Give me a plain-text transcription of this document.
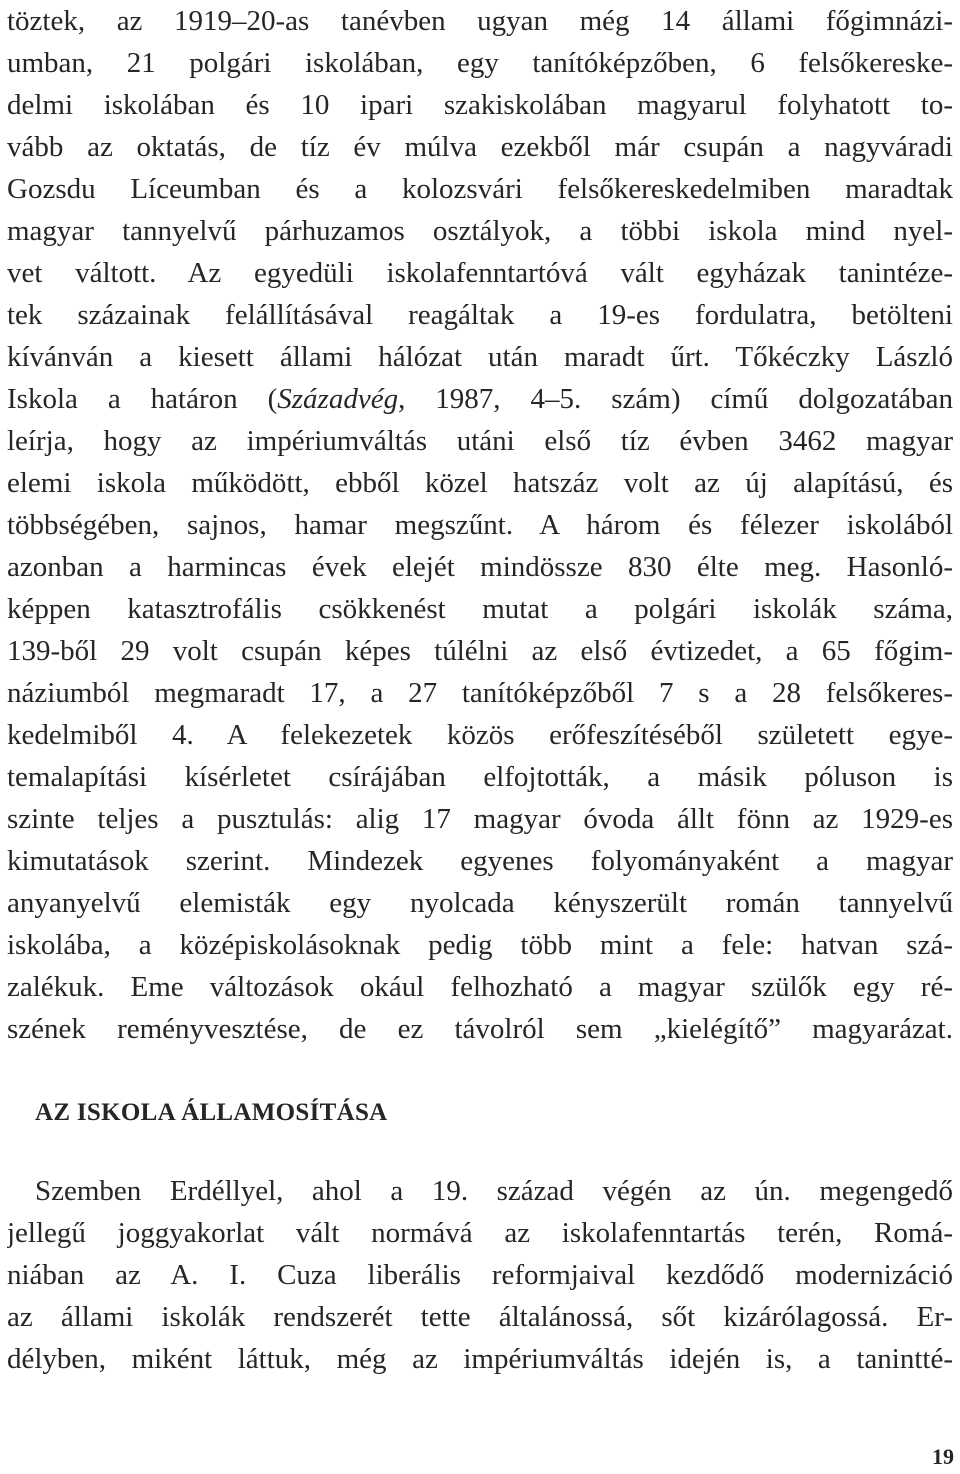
töztek, az 1919–20-as tanévben ugyan még 14 állami főgimnázi-
umban, 21 polgári iskolában, egy tanítóképzőben, 6 felsőkereske-
delmi iskolában és 10 ipari szakiskolában magyarul folyhatott to-
vább az oktatás, de tíz év múlva ezekből már csupán a nagyváradi
Gozsdu Líceumban és a kolozsvári felsőkereskedelmiben maradtak
magyar tannyelvű párhuzamos osztályok, a többi iskola mind nyel-
vet váltott. Az egyedüli iskolafenntartóvá vált egyházak tanintéze-
tek százainak felállításával reagáltak a 19-es fordulatra, betölteni
kívánván a kiesett állami hálózat után maradt űrt. Tőkéczky László
Iskola a határon (Századvég, 1987, 4–5. szám) című dolgozatában
leírja, hogy az impériumváltás utáni első tíz évben 3462 magyar
elemi iskola működött, ebből közel hatszáz volt az új alapítású, és
többségében, sajnos, hamar megszűnt. A három és félezer iskolából
azonban a harmincas évek elejét mindössze 830 élte meg. Hasonló-
képpen katasztrofális csökkenést mutat a polgári iskolák száma,
139-ből 29 volt csupán képes túlélni az első évtizedet, a 65 főgim-
náziumból megmaradt 17, a 27 tanítóképzőből 7 s a 28 felsőkeres-
kedelmiből 4. A felekezetek közös erőfeszítéséből született egye-
temalapítási kísérletet csírájában elfojtották, a másik póluson is
szinte teljes a pusztulás: alig 17 magyar óvoda állt fönn az 1929-es
kimutatások szerint. Mindezek egyenes folyományaként a magyar
anyanyelvű elemisták egy nyolcada kényszerült román tannyelvű
iskolába, a középiskolásoknak pedig több mint a fele: hatvan szá-
zalékuk. Eme változások okául felhozható a magyar szülők egy ré-
szének reményvesztése, de ez távolról sem „kielégítő” magyarázat.
AZ ISKOLA ÁLLAMOSÍTÁSA
Szemben Erdéllyel, ahol a 19. század végén az ún. megengedő
jellegű joggyakorlat vált normává az iskolafenntartás terén, Romá-
niában az A. I. Cuza liberális reformjaival kezdődő modernizáció
az állami iskolák rendszerét tette általánossá, sőt kizárólagossá. Er-
délyben, miként láttuk, még az impériumváltás idején is, a tanintté-
19
